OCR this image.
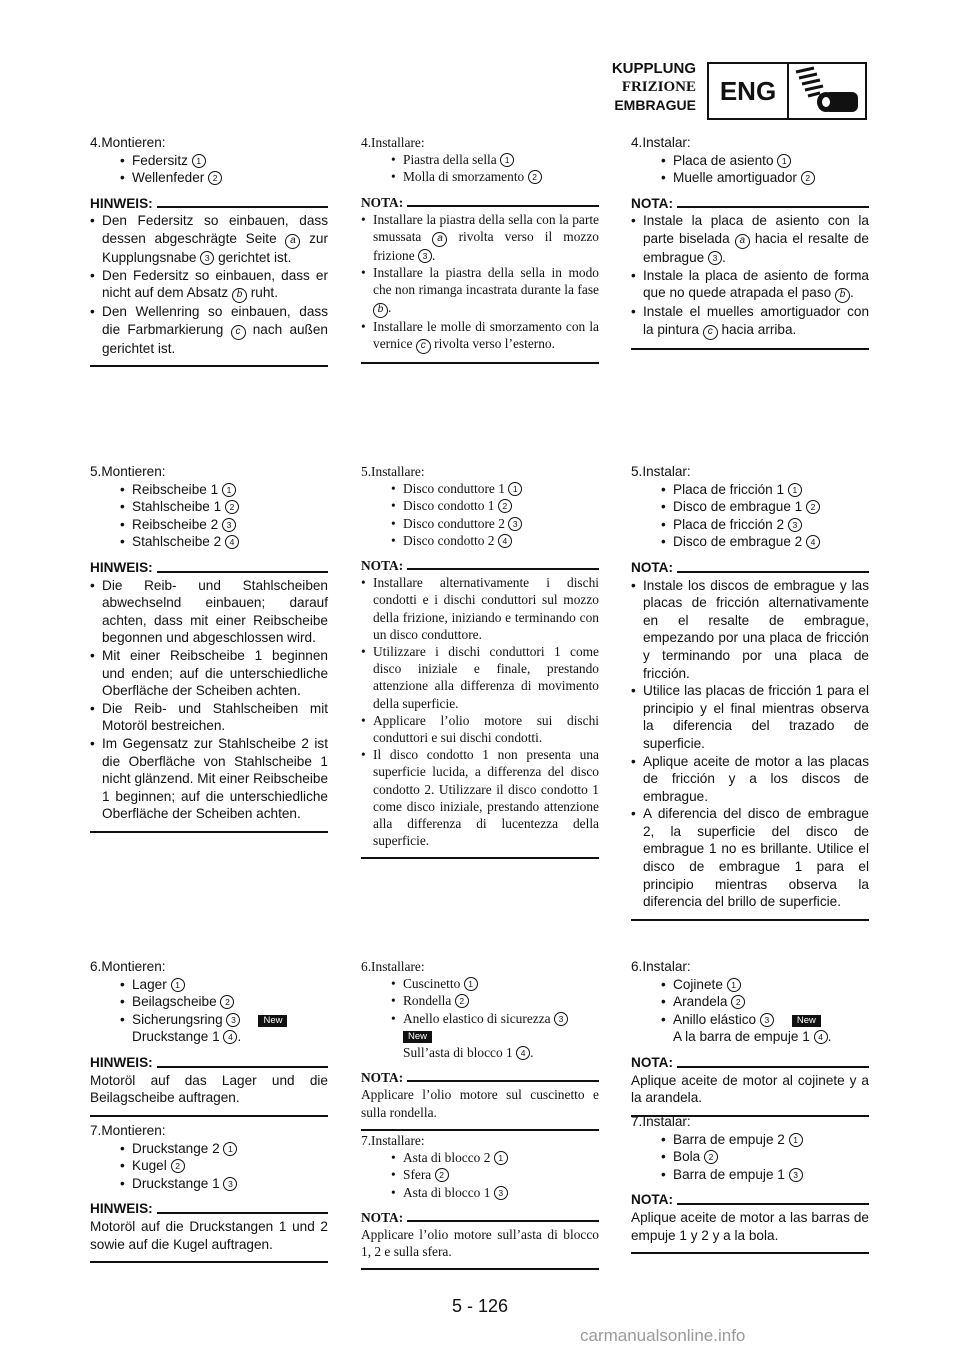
KUPPLUNG
FRIZIONE
EMBRAGUE ENG
4.Montieren:
• Federsitz 1
• Wellenfeder 2
HINWEIS:
• Den Federsitz so einbauen, dass dessen abgeschrägte Seite a zur Kupplungsnabe 3 gerichtet ist.
• Den Federsitz so einbauen, dass er nicht auf dem Absatz b ruht.
• Den Wellenring so einbauen, dass die Farbmarkierung c nach außen gerichtet ist.
5.Montieren:
• Reibscheibe 1 1
• Stahlscheibe 1 2
• Reibscheibe 2 3
• Stahlscheibe 2 4
HINWEIS:
• Die Reib- und Stahlscheiben abwechselnd einbauen; darauf achten, dass mit einer Reibscheibe begonnen und abgeschlossen wird.
• Mit einer Reibscheibe 1 beginnen und enden; auf die unterschiedliche Oberfläche der Scheiben achten.
• Die Reib- und Stahlscheiben mit Motoröl bestreichen.
• Im Gegensatz zur Stahlscheibe 2 ist die Oberfläche von Stahlscheibe 1 nicht glänzend. Mit einer Reibscheibe 1 beginnen; auf die unterschiedliche Oberfläche der Scheiben achten.
6.Montieren:
• Lager 1
• Beilagscheibe 2
• Sicherungsring 3	New
Druckstange 1 4 .
HINWEIS:
Motoröl auf das Lager und die Beilagscheibe auftragen.
7.Montieren:
• Druckstange 2 1
• Kugel 2
• Druckstange 1 3
HINWEIS:
Motoröl auf die Druckstangen 1 und 2 sowie auf die Kugel auftragen.
4.Installare:
• Piastra della sella 1
• Molla di smorzamento 2
NOTA:
• Installare la piastra della sella con la parte smussata a rivolta verso il mozzo frizione 3 .
• Installare la piastra della sella in modo che non rimanga incastrata durante la fase b .
• Installare le molle di smorzamento con la vernice c rivolta verso l’esterno.
5.Installare:
• Disco conduttore 1 1
• Disco condotto 1 2
• Disco conduttore 2 3
• Disco condotto 2 4
NOTA:
• Installare alternativamente i dischi condotti e i dischi conduttori sul mozzo della frizione, iniziando e terminando con un disco conduttore.
• Utilizzare i dischi conduttori 1 come disco iniziale e finale, prestando attenzione alla differenza di movimento della superficie.
• Applicare l’olio motore sui dischi conduttori e sui dischi condotti.
• Il disco condotto 1 non presenta una superficie lucida, a differenza del disco condotto 2. Utilizzare il disco condotto 1 come disco iniziale, prestando attenzione alla differenza di lucentezza della superficie.
6.Installare:
• Cuscinetto 1
• Rondella 2
• Anello elastico di sicurezza 3
New
Sull’asta di blocco 1 4 .
NOTA:
Applicare l’olio motore sul cuscinetto e sulla rondella.
7.Installare:
• Asta di blocco 2 1
• Sfera 2
• Asta di blocco 1 3
NOTA:
Applicare l’olio motore sull’asta di blocco 1, 2 e sulla sfera.
4.Instalar:
• Placa de asiento 1
• Muelle amortiguador 2
NOTA:
• Instale la placa de asiento con la parte biselada a hacia el resalte de embrague 3 .
• Instale la placa de asiento de forma que no quede atrapada el paso b .
• Instale el muelles amortiguador con la pintura c hacia arriba.
5.Instalar:
• Placa de fricción 1 1
• Disco de embrague 1 2
• Placa de fricción 2 3
• Disco de embrague 2 4
NOTA:
• Instale los discos de embrague y las placas de fricción alternativamente en el resalte de embrague, empezando por una placa de fricción y terminando por una placa de fricción.
• Utilice las placas de fricción 1 para el principio y el final mientras observa la diferencia del trazado de superficie.
• Aplique aceite de motor a las placas de fricción y a los discos de embrague.
• A diferencia del disco de embrague 2, la superficie del disco de embrague 1 no es brillante. Utilice el disco de embrague 1 para el principio mientras observa la diferencia del brillo de superficie.
6.Instalar:
• Cojinete 1
• Arandela 2
• Anillo elástico 3	New
A la barra de empuje 1 4 .
NOTA:
Aplique aceite de motor al cojinete y a la arandela.
7.Instalar:
• Barra de empuje 2 1
• Bola 2
• Barra de empuje 1 3
NOTA:
Aplique aceite de motor a las barras de empuje 1 y 2 y a la bola.
5 - 126
carmanualsonline.info
